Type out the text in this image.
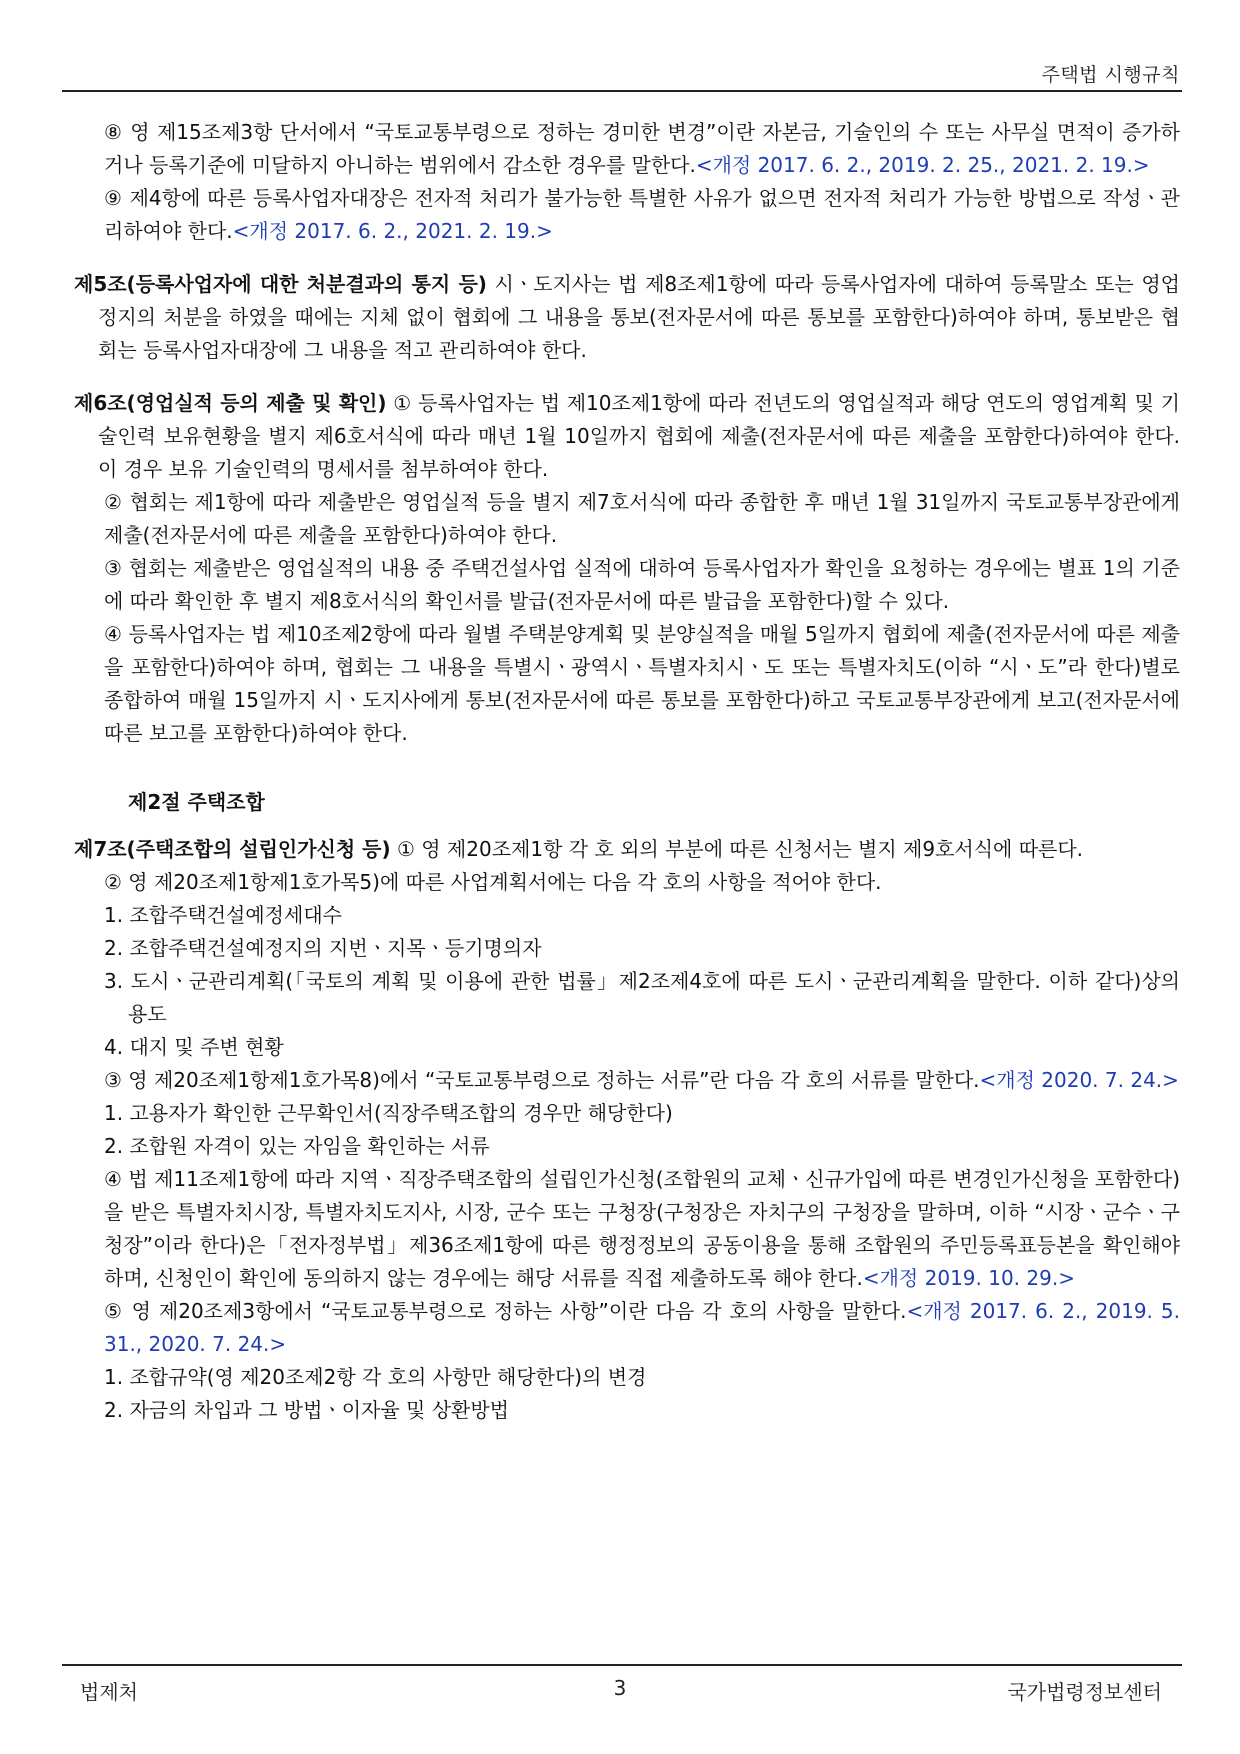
주택법 시행규칙
⑧ 영 제15조제3항 단서에서 “국토교통부령으로 정하는 경미한 변경”이란 자본금, 기술인의 수 또는 사무실 면적이 증가하거나 등록기준에 미달하지 아니하는 범위에서 감소한 경우를 말한다.<개정 2017. 6. 2., 2019. 2. 25., 2021. 2. 19.>
⑨ 제4항에 따른 등록사업자대장은 전자적 처리가 불가능한 특별한 사유가 없으면 전자적 처리가 가능한 방법으로 작성ㆍ관리하여야 한다.<개정 2017. 6. 2., 2021. 2. 19.>
제5조(등록사업자에 대한 처분결과의 통지 등) 시ㆍ도지사는 법 제8조제1항에 따라 등록사업자에 대하여 등록말소 또는 영업정지의 처분을 하였을 때에는 지체 없이 협회에 그 내용을 통보(전자문서에 따른 통보를 포함한다)하여야 하며, 통보받은 협회는 등록사업자대장에 그 내용을 적고 관리하여야 한다.
제6조(영업실적 등의 제출 및 확인) ① 등록사업자는 법 제10조제1항에 따라 전년도의 영업실적과 해당 연도의 영업계획 및 기술인력 보유현황을 별지 제6호서식에 따라 매년 1월 10일까지 협회에 제출(전자문서에 따른 제출을 포함한다)하여야 한다. 이 경우 보유 기술인력의 명세서를 첨부하여야 한다.
② 협회는 제1항에 따라 제출받은 영업실적 등을 별지 제7호서식에 따라 종합한 후 매년 1월 31일까지 국토교통부장관에게 제출(전자문서에 따른 제출을 포함한다)하여야 한다.
③ 협회는 제출받은 영업실적의 내용 중 주택건설사업 실적에 대하여 등록사업자가 확인을 요청하는 경우에는 별표 1의 기준에 따라 확인한 후 별지 제8호서식의 확인서를 발급(전자문서에 따른 발급을 포함한다)할 수 있다.
④ 등록사업자는 법 제10조제2항에 따라 월별 주택분양계획 및 분양실적을 매월 5일까지 협회에 제출(전자문서에 따른 제출을 포함한다)하여야 하며, 협회는 그 내용을 특별시ㆍ광역시ㆍ특별자치시ㆍ도 또는 특별자치도(이하 “시ㆍ도”라 한다)별로 종합하여 매월 15일까지 시ㆍ도지사에게 통보(전자문서에 따른 통보를 포함한다)하고 국토교통부장관에게 보고(전자문서에 따른 보고를 포함한다)하여야 한다.
제2절 주택조합
제7조(주택조합의 설립인가신청 등) ① 영 제20조제1항 각 호 외의 부분에 따른 신청서는 별지 제9호서식에 따른다.
② 영 제20조제1항제1호가목5)에 따른 사업계획서에는 다음 각 호의 사항을 적어야 한다.
1. 조합주택건설예정세대수
2. 조합주택건설예정지의 지번ㆍ지목ㆍ등기명의자
3. 도시ㆍ군관리계획(「국토의 계획 및 이용에 관한 법률」제2조제4호에 따른 도시ㆍ군관리계획을 말한다. 이하 같다)상의 용도
4. 대지 및 주변 현황
③ 영 제20조제1항제1호가목8)에서 “국토교통부령으로 정하는 서류”란 다음 각 호의 서류를 말한다.<개정 2020. 7. 24.>
1. 고용자가 확인한 근무확인서(직장주택조합의 경우만 해당한다)
2. 조합원 자격이 있는 자임을 확인하는 서류
④ 법 제11조제1항에 따라 지역ㆍ직장주택조합의 설립인가신청(조합원의 교체ㆍ신규가입에 따른 변경인가신청을 포함한다)을 받은 특별자치시장, 특별자치도지사, 시장, 군수 또는 구청장(구청장은 자치구의 구청장을 말하며, 이하 “시장ㆍ군수ㆍ구청장”이라 한다)은「전자정부법」제36조제1항에 따른 행정정보의 공동이용을 통해 조합원의 주민등록표등본을 확인해야 하며, 신청인이 확인에 동의하지 않는 경우에는 해당 서류를 직접 제출하도록 해야 한다.<개정 2019. 10. 29.>
⑤ 영 제20조제3항에서 “국토교통부령으로 정하는 사항”이란 다음 각 호의 사항을 말한다.<개정 2017. 6. 2., 2019. 5. 31., 2020. 7. 24.>
1. 조합규약(영 제20조제2항 각 호의 사항만 해당한다)의 변경
2. 자금의 차입과 그 방법ㆍ이자율 및 상환방법
법제처	3	국가법령정보센터
